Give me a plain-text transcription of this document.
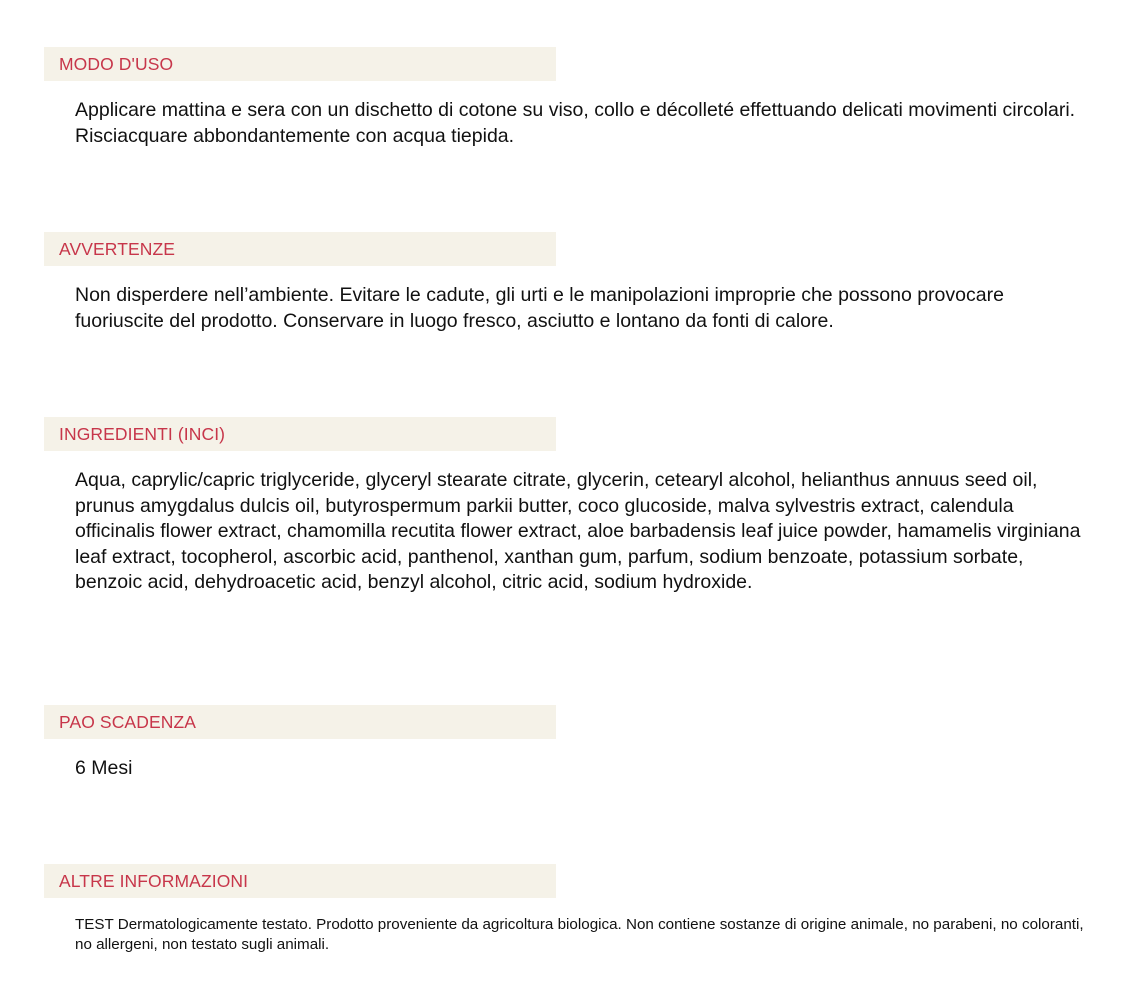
MODO D'USO
Applicare mattina e sera con un dischetto di cotone su viso, collo e décolleté effettuando delicati movimenti circolari. Risciacquare abbondantemente con acqua tiepida.
AVVERTENZE
Non disperdere nell’ambiente. Evitare le cadute, gli urti e le manipolazioni improprie che possono provocare fuoriuscite del prodotto. Conservare in luogo fresco, asciutto e lontano da fonti di calore.
INGREDIENTI (INCI)
Aqua, caprylic/capric triglyceride, glyceryl stearate citrate, glycerin, cetearyl alcohol, helianthus annuus seed oil, prunus amygdalus dulcis oil, butyrospermum parkii butter, coco glucoside, malva sylvestris extract, calendula officinalis flower extract, chamomilla recutita flower extract, aloe barbadensis leaf juice powder, hamamelis virginiana leaf extract, tocopherol, ascorbic acid, panthenol, xanthan gum, parfum, sodium benzoate, potassium sorbate, benzoic acid, dehydroacetic acid, benzyl alcohol, citric acid, sodium hydroxide.
PAO SCADENZA
6 Mesi
ALTRE INFORMAZIONI
TEST Dermatologicamente testato. Prodotto proveniente da agricoltura biologica. Non contiene sostanze di origine animale, no parabeni, no coloranti, no allergeni, non testato sugli animali.
